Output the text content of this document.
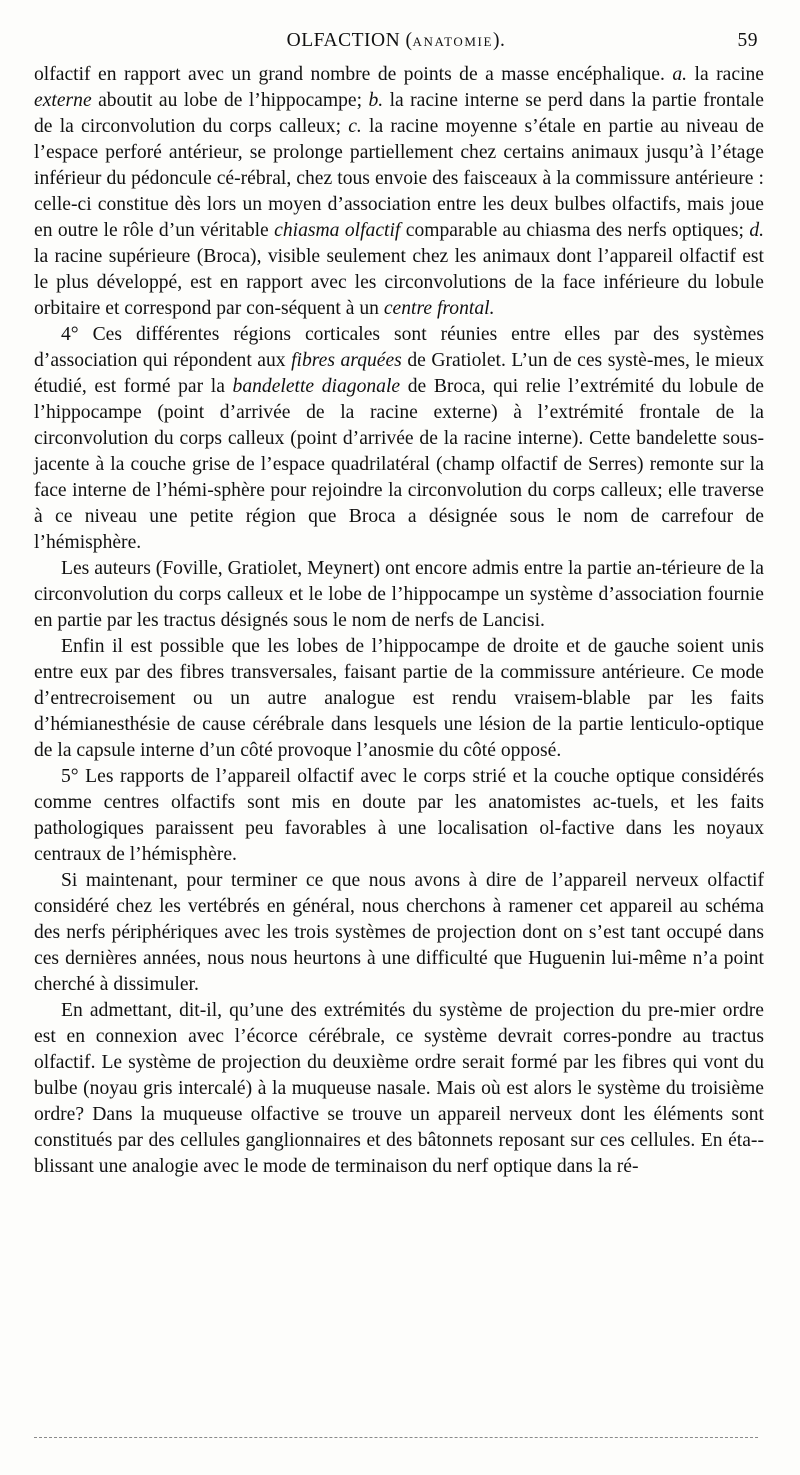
OLFACTION (ANATOMIE).	59

olfactif en rapport avec un grand nombre de points de a masse encéphalique. a. la racine externe aboutit au lobe de l’hippocampe; b. la racine interne se perd dans la partie frontale de la circonvolution du corps calleux; c. la racine moyenne s’étale en partie au niveau de l’espace perforé antérieur, se prolonge partiellement chez certains animaux jusqu’à l’étage inférieur du pédoncule cé-rébral, chez tous envoie des faisceaux à la commissure antérieure : celle-ci constitue dès lors un moyen d’association entre les deux bulbes olfactifs, mais joue en outre le rôle d’un véritable chiasma olfactif comparable au chiasma des nerfs optiques; d. la racine supérieure (Broca), visible seulement chez les animaux dont l’appareil olfactif est le plus développé, est en rapport avec les circonvolutions de la face inférieure du lobule orbitaire et correspond par con-séquent à un centre frontal.

4° Ces différentes régions corticales sont réunies entre elles par des systèmes d’association qui répondent aux fibres arquées de Gratiolet. L’un de ces systè-mes, le mieux étudié, est formé par la bandelette diagonale de Broca, qui relie l’extrémité du lobule de l’hippocampe (point d’arrivée de la racine externe) à l’extrémité frontale de la circonvolution du corps calleux (point d’arrivée de la racine interne). Cette bandelette sous-jacente à la couche grise de l’espace quadrilatéral (champ olfactif de Serres) remonte sur la face interne de l’hémi-sphère pour rejoindre la circonvolution du corps calleux; elle traverse à ce niveau une petite région que Broca a désignée sous le nom de carrefour de l’hémisphère.

Les auteurs (Foville, Gratiolet, Meynert) ont encore admis entre la partie an-térieure de la circonvolution du corps calleux et le lobe de l’hippocampe un système d’association fournie en partie par les tractus désignés sous le nom de nerfs de Lancisi.

Enfin il est possible que les lobes de l’hippocampe de droite et de gauche soient unis entre eux par des fibres transversales, faisant partie de la commissure antérieure. Ce mode d’entrecroisement ou un autre analogue est rendu vraisem-blable par les faits d’hémianesthésie de cause cérébrale dans lesquels une lésion de la partie lenticulo-optique de la capsule interne d’un côté provoque l’anosmie du côté opposé.

5° Les rapports de l’appareil olfactif avec le corps strié et la couche optique considérés comme centres olfactifs sont mis en doute par les anatomistes ac-tuels, et les faits pathologiques paraissent peu favorables à une localisation ol-factive dans les noyaux centraux de l’hémisphère.

Si maintenant, pour terminer ce que nous avons à dire de l’appareil nerveux olfactif considéré chez les vertébrés en général, nous cherchons à ramener cet appareil au schéma des nerfs périphériques avec les trois systèmes de projection dont on s’est tant occupé dans ces dernières années, nous nous heurtons à une difficulté que Huguenin lui-même n’a point cherché à dissimuler.

En admettant, dit-il, qu’une des extrémités du système de projection du pre-mier ordre est en connexion avec l’écorce cérébrale, ce système devrait corres-pondre au tractus olfactif. Le système de projection du deuxième ordre serait formé par les fibres qui vont du bulbe (noyau gris intercalé) à la muqueuse nasale. Mais où est alors le système du troisième ordre? Dans la muqueuse olfactive se trouve un appareil nerveux dont les éléments sont constitués par des cellules ganglionnaires et des bâtonnets reposant sur ces cellules. En éta-blissant une analogie avec le mode de terminaison du nerf optique dans la ré-
